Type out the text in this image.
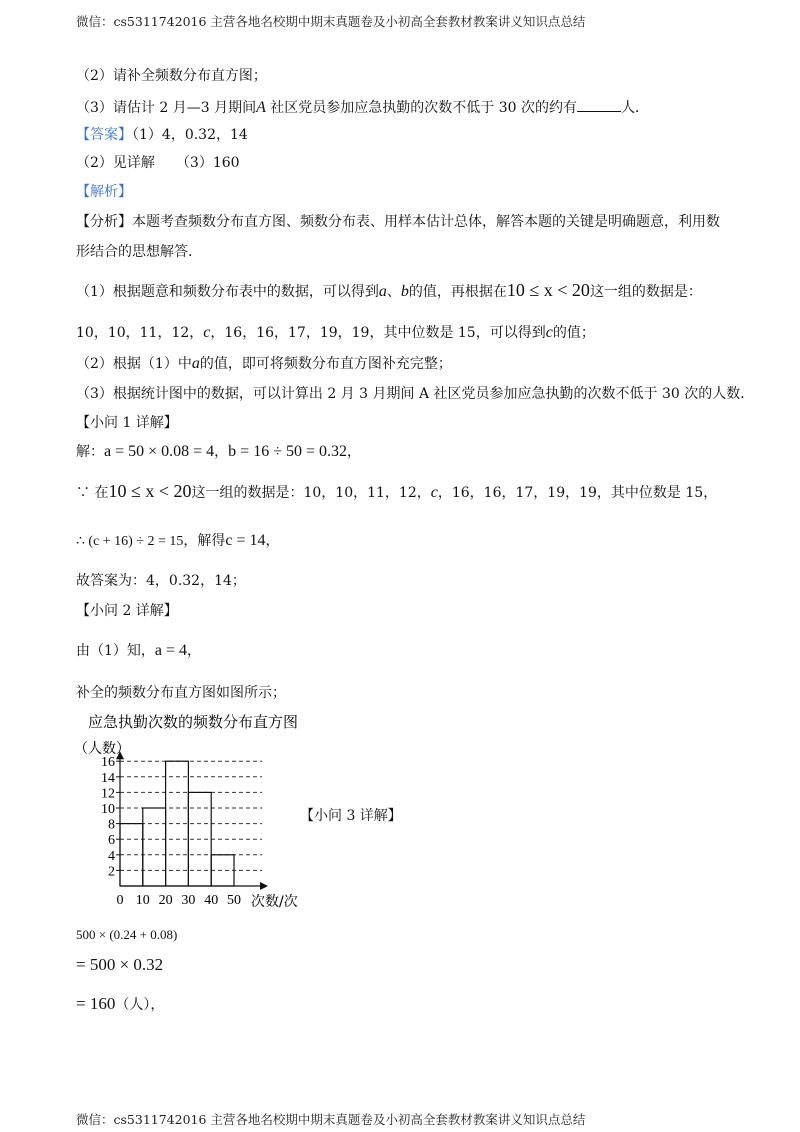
微信：cs5311742016 主营各地名校期中期末真题卷及小初高全套教材教案讲义知识点总结
（2）请补全频数分布直方图；
（3）请估计 2 月—3 月期间A 社区党员参加应急执勤的次数不低于 30 次的约有	人．
【答案】（1）4，0.32，14
（2）见详解　　（3）160
【解析】
【分析】本题考查频数分布直方图、频数分布表、用样本估计总体，解答本题的关键是明确题意，利用数
形结合的思想解答．
（1）根据题意和频数分布表中的数据，可以得到a、b的值，再根据在10 ≤ x < 20这一组的数据是：
10，10，11，12，c，16，16，17，19，19，其中位数是 15，可以得到c的值；
（2）根据（1）中a的值，即可将频数分布直方图补充完整；
（3）根据统计图中的数据，可以计算出 2 月 3 月期间 A 社区党员参加应急执勤的次数不低于 30 次的人数．
【小问 1 详解】
解：a = 50 × 0.08 = 4，b = 16 ÷ 50 = 0.32，
∵ 在10 ≤ x < 20这一组的数据是：10，10，11，12，c，16，16，17，19，19，其中位数是 15，
∴ (c + 16) ÷ 2 = 15，解得c = 14，
故答案为：4，0.32，14；
【小问 2 详解】
由（1）知，a = 4，
补全的频数分布直方图如图所示；
应急执勤次数的频数分布直方图
（人数）
次数/次
2
4
6
8
10
12
14
16
0 10 20 30 40 50
【小问 3 详解】
500 × (0.24 + 0.08)
= 500 × 0.32
= 160（人），
微信：cs5311742016 主营各地名校期中期末真题卷及小初高全套教材教案讲义知识点总结
